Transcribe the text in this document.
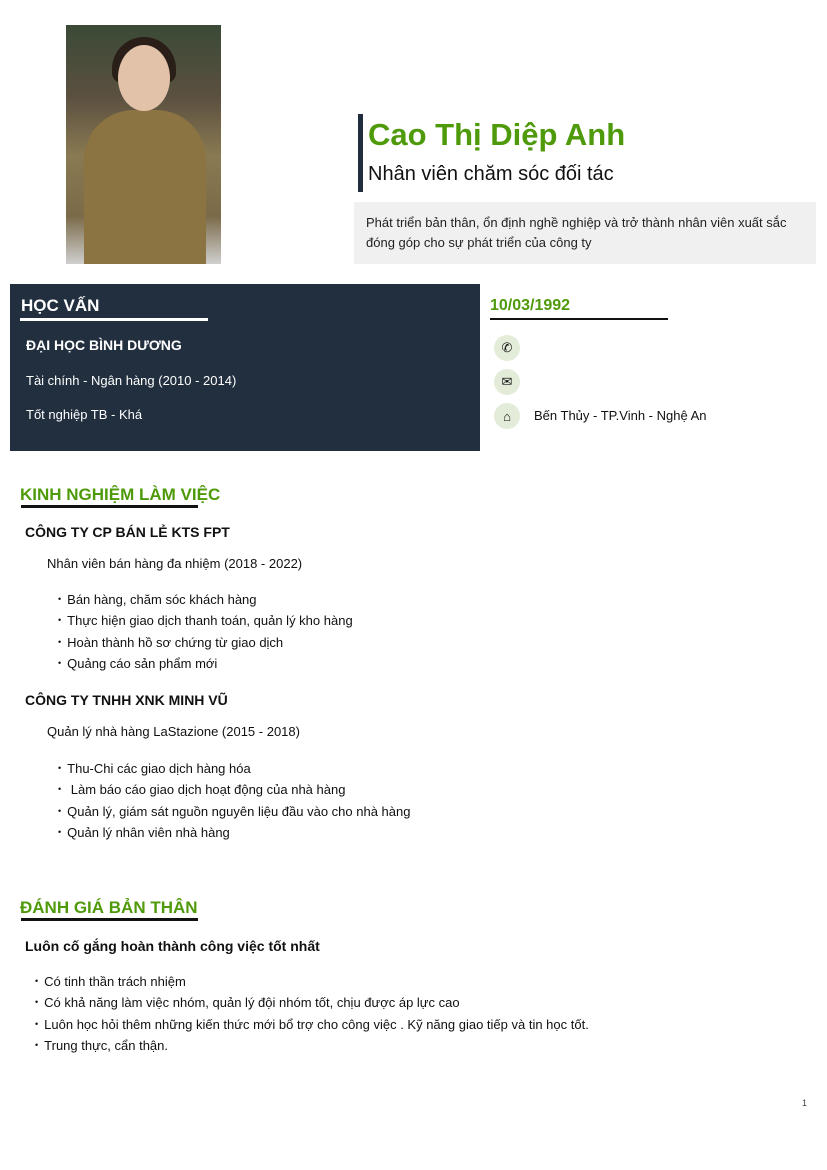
Cao Thị Diệp Anh
Nhân viên chăm sóc đối tác
Phát triển bản thân, ổn định nghề nghiệp và trở thành nhân viên xuất sắc đóng góp cho sự phát triển của công ty
HỌC VẤN
ĐẠI HỌC BÌNH DƯƠNG
Tài chính - Ngân hàng (2010 - 2014)
Tốt nghiệp TB - Khá
10/03/1992
✆
✉
⌂	Bến Thủy - TP.Vinh - Nghệ An
KINH NGHIỆM LÀM VIỆC
CÔNG TY CP BÁN LẺ KTS FPT
Nhân viên bán hàng đa nhiệm (2018 - 2022)
• Bán hàng, chăm sóc khách hàng
• Thực hiện giao dịch thanh toán, quản lý kho hàng
• Hoàn thành hồ sơ chứng từ giao dịch
• Quảng cáo sản phẩm mới
CÔNG TY TNHH XNK MINH VŨ
Quản lý nhà hàng LaStazione (2015 - 2018)
• Thu-Chi các giao dịch hàng hóa
• Làm báo cáo giao dịch hoạt động của nhà hàng
• Quản lý, giám sát nguồn nguyên liệu đầu vào cho nhà hàng
• Quản lý nhân viên nhà hàng
ĐÁNH GIÁ BẢN THÂN
Luôn cố gắng hoàn thành công việc tốt nhất
• Có tinh thần trách nhiệm
• Có khả năng làm việc nhóm, quản lý đội nhóm tốt, chịu được áp lực cao
• Luôn học hỏi thêm những kiến thức mới bổ trợ cho công việc . Kỹ năng giao tiếp và tin học tốt.
• Trung thực, cẩn thận.
1
